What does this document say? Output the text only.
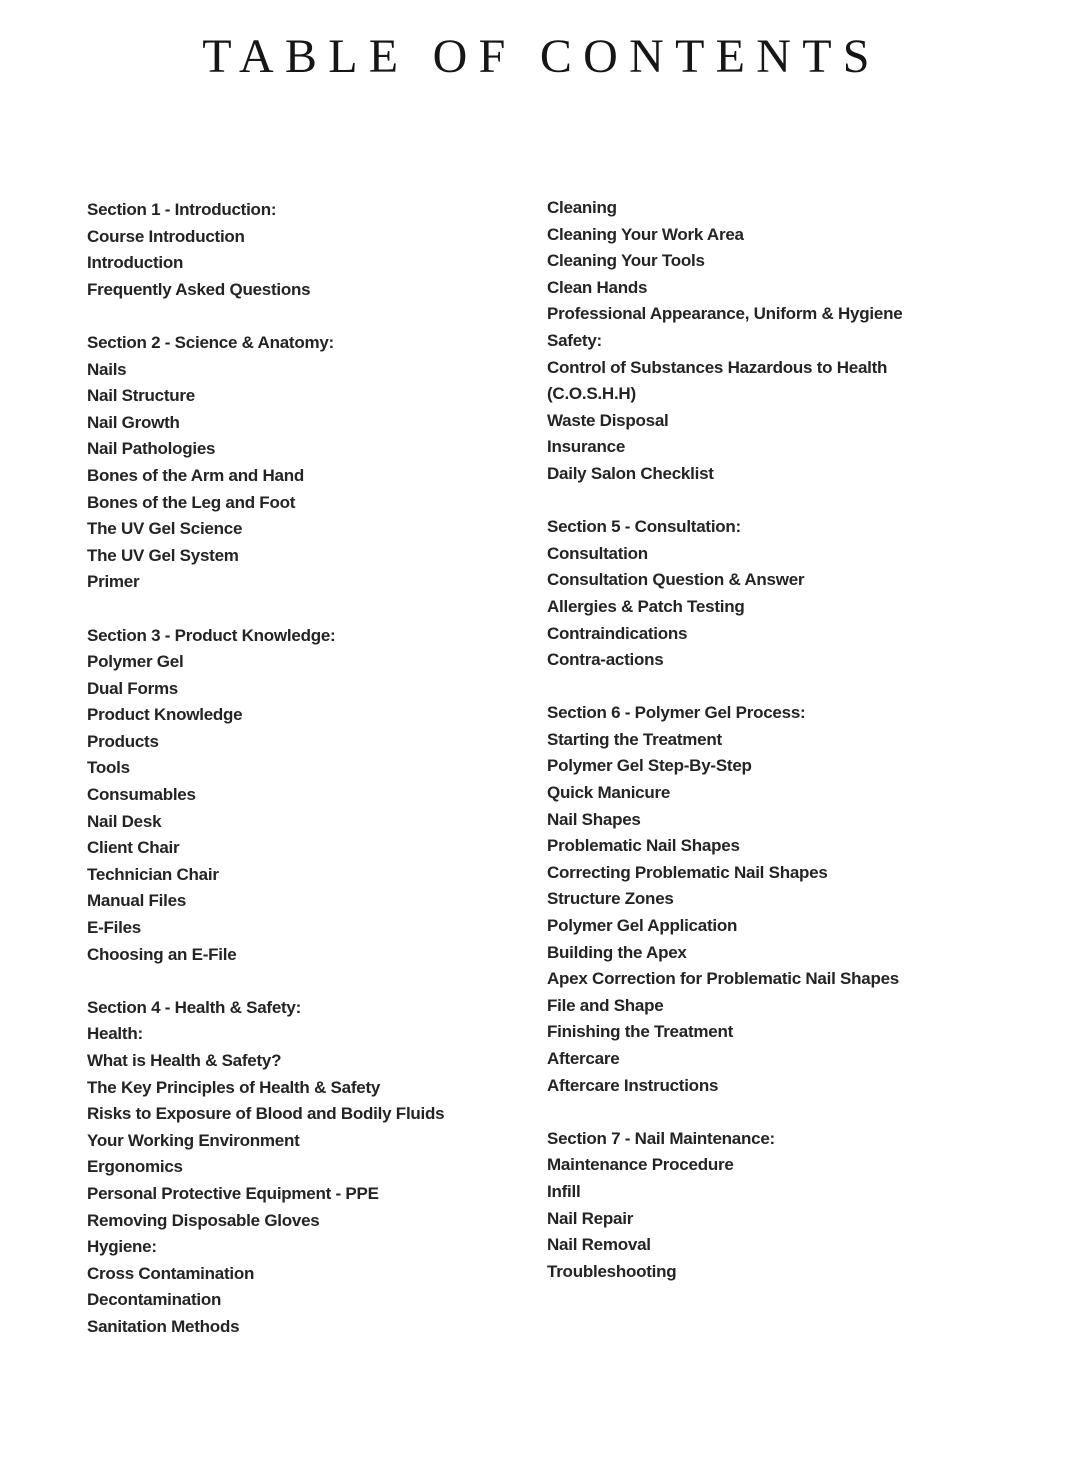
TABLE OF CONTENTS
Section 1 - Introduction:
Course Introduction
Introduction
Frequently Asked Questions
Section 2 - Science & Anatomy:
Nails
Nail Structure
Nail Growth
Nail Pathologies
Bones of the Arm and Hand
Bones of the Leg and Foot
The UV Gel Science
The UV Gel System
Primer
Section 3 - Product Knowledge:
Polymer Gel
Dual Forms
Product Knowledge
Products
Tools
Consumables
Nail Desk
Client Chair
Technician Chair
Manual Files
E-Files
Choosing an E-File
Section 4 - Health & Safety:
Health:
What is Health & Safety?
The Key Principles of Health & Safety
Risks to Exposure of Blood and Bodily Fluids
Your Working Environment
Ergonomics
Personal Protective Equipment - PPE
Removing Disposable Gloves
Hygiene:
Cross Contamination
Decontamination
Sanitation Methods
Cleaning
Cleaning Your Work Area
Cleaning Your Tools
Clean Hands
Professional Appearance, Uniform & Hygiene
Safety:
Control of Substances Hazardous to Health
(C.O.S.H.H)
Waste Disposal
Insurance
Daily Salon Checklist
Section 5 - Consultation:
Consultation
Consultation Question & Answer
Allergies & Patch Testing
Contraindications
Contra-actions
Section 6 - Polymer Gel Process:
Starting the Treatment
Polymer Gel Step-By-Step
Quick Manicure
Nail Shapes
Problematic Nail Shapes
Correcting Problematic Nail Shapes
Structure Zones
Polymer Gel Application
Building the Apex
Apex Correction for Problematic Nail Shapes
File and Shape
Finishing the Treatment
Aftercare
Aftercare Instructions
Section 7 - Nail Maintenance:
Maintenance Procedure
Infill
Nail Repair
Nail Removal
Troubleshooting
